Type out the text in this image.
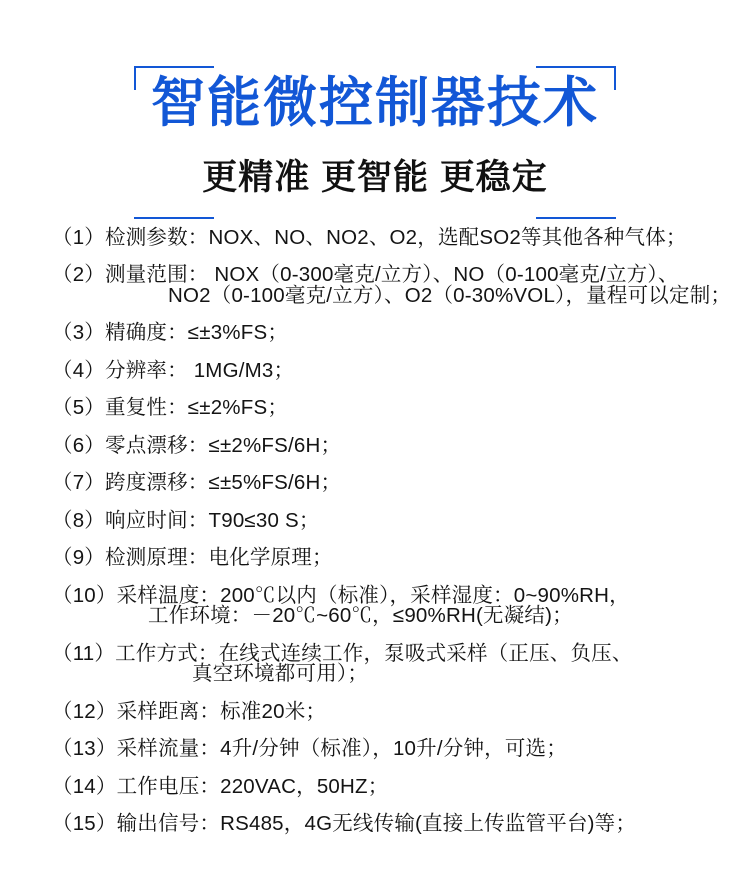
智能微控制器技术
更精准 更智能 更稳定
（1）检测参数：NOX、NO、NO2、O2，选配SO2等其他各种气体；
（2）测量范围： NOX（0-300毫克/立方）、NO（0-100毫克/立方）、
NO2（0-100毫克/立方）、O2（0-30%VOL），量程可以定制；
（3）精确度：≤±3%FS；
（4）分辨率： 1MG/M3；
（5）重复性：≤±2%FS；
（6）零点漂移：≤±2%FS/6H；
（7）跨度漂移：≤±5%FS/6H；
（8）响应时间：T90≤30 S；
（9）检测原理：电化学原理；
（10）采样温度：200℃以内（标准），采样湿度：0~90%RH，
工作环境：－20℃~60℃，≤90%RH(无凝结)；
（11）工作方式：在线式连续工作，泵吸式采样（正压、负压、
真空环境都可用）；
（12）采样距离：标准20米；
（13）采样流量：4升/分钟（标准），10升/分钟，可选；
（14）工作电压：220VAC，50HZ；
（15）输出信号：RS485，4G无线传输(直接上传监管平台)等；
